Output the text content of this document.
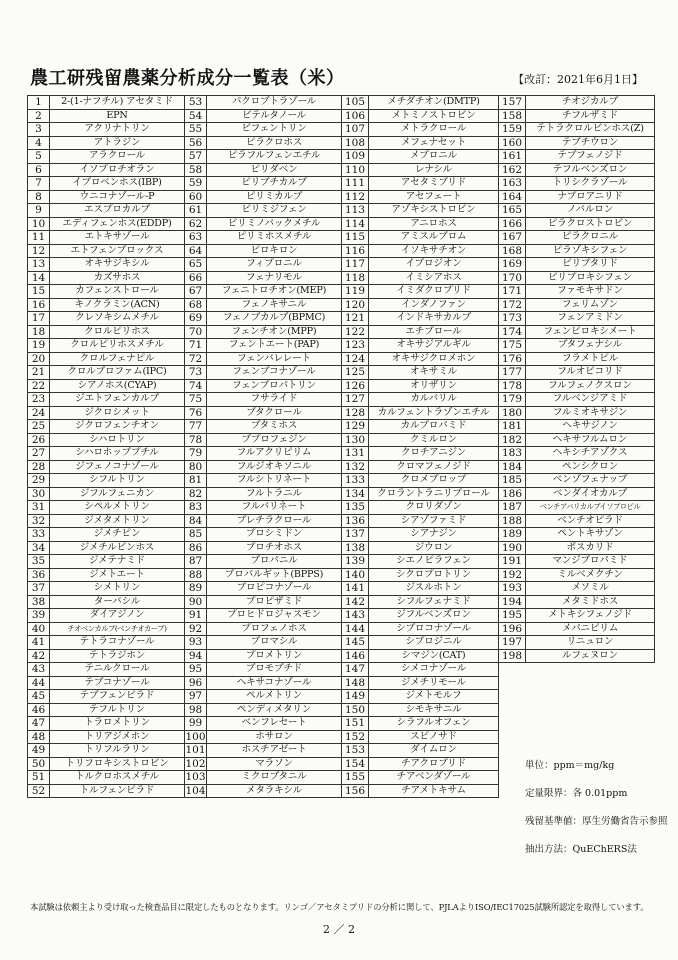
農工研残留農薬分析成分一覧表（米）	【改訂：2021年6月1日】
1	2-(1-ナフチル) アセタミド	53	パクロブトラゾール	105	メチダチオン(DMTP)	157	チオジカルブ
2	EPN	54	ビテルタノール	106	メトミノストロビン	158	チフルザミド
3	アクリナトリン	55	ビフェントリン	107	メトラクロール	159	テトラクロルビンホス(Z)
4	アトラジン	56	ピラクロホス	108	メフェナセット	160	テブチウロン
5	アラクロール	57	ピラフルフェンエチル	109	メプロニル	161	テブフェノジド
6	イソプロチオラン	58	ピリダベン	110	レナシル	162	テフルベンズロン
7	イプロベンホス(IBP)	59	ピリブチカルブ	111	アセタミプリド	163	トリシクラゾール
8	ウニコナゾール-P	60	ピリミカルブ	112	アセフェート	164	ナプロアニリド
9	エスプロカルブ	61	ピリミジフェン	113	アゾキシストロビン	165	ノバルロン
10	エディフェンホス(EDDP)	62	ピリミノバックメチル	114	アニロホス	166	ピラクロストロビン
11	エトキサゾール	63	ピリミホスメチル	115	アミスルブロム	167	ピラクロニル
12	エトフェンプロックス	64	ピロキロン	116	イソキサチオン	168	ピラゾキシフェン
13	オキサジキシル	65	フィプロニル	117	イプロジオン	169	ピリプタリド
14	カズサホス	66	フェナリモル	118	イミシアホス	170	ピリプロキシフェン
15	カフェンストロール	67	フェニトロチオン(MEP)	119	イミダクロプリド	171	ファモキサドン
16	キノクラミン(ACN)	68	フェノキサニル	120	インダノファン	172	フェリムゾン
17	クレソキシムメチル	69	フェノブカルブ(BPMC)	121	インドキサカルブ	173	フェンアミドン
18	クロルピリホス	70	フェンチオン(MPP)	122	エチプロール	174	フェンピロキシメート
19	クロルピリホスメチル	71	フェントエート(PAP)	123	オキサジアルギル	175	ブタフェナシル
20	クロルフェナピル	72	フェンバレレート	124	オキサジクロメホン	176	フラメトピル
21	クロルプロファム(IPC)	73	フェンブコナゾール	125	オキサミル	177	フルオピコリド
22	シアノホス(CYAP)	74	フェンプロパトリン	126	オリザリン	178	フルフェノクスロン
23	ジエトフェンカルブ	75	フサライド	127	カルバリル	179	フルベンジアミド
24	ジクロシメット	76	ブタクロール	128	カルフェントラゾンエチル	180	フルミオキサジン
25	ジクロフェンチオン	77	ブタミホス	129	カルプロパミド	181	ヘキサジノン
26	シハロトリン	78	ブプロフェジン	130	クミルロン	182	ヘキサフルムロン
27	シハロホッププチル	79	フルアクリピリム	131	クロチアニジン	183	ヘキシチアゾクス
28	ジフェノコナゾール	80	フルジオキソニル	132	クロマフェノジド	184	ペンシクロン
29	シフルトリン	81	フルシトリネート	133	クロメプロップ	185	ベンゾフェナップ
30	ジフルフェニカン	82	フルトラニル	134	クロラントラニリプロール	186	ベンダイオカルブ
31	シペルメトリン	83	フルバリネート	135	クロリダゾン	187	ベンチアバリカルブイソプロピル
32	ジメタメトリン	84	プレチラクロール	136	シアゾファミド	188	ベンチオピラド
33	ジメチピン	85	プロシミドン	137	シアナジン	189	ペントキサゾン
34	ジメチルビンホス	86	プロチオホス	138	ジウロン	190	ボスカリド
35	ジメテナミド	87	プロパニル	139	シエノピラフェン	191	マンジプロパミド
36	ジメトエート	88	プロパルギット(BPPS)	140	シクロプロトリン	192	ミルベメクチン
37	シメトリン	89	プロピコナゾール	141	ジスルホトン	193	メソミル
38	ターバシル	90	プロピザミド	142	シフルフェナミド	194	メタミドホス
39	ダイアジノン	91	プロヒドロジャスモン	143	ジフルベンズロン	195	メトキシフェノジド
40	チオベンカルブ(ベンチオカーブ)	92	プロフェノホス	144	シプロコナゾール	196	メパニピリム
41	テトラコナゾール	93	プロマシル	145	シプロジニル	197	リニュロン
42	テトラジホン	94	プロメトリン	146	シマジン(CAT)	198	ルフェヌロン
43	テニルクロール	95	ブロモブチド	147	シメコナゾール		
44	テブコナゾール	96	ヘキサコナゾール	148	ジメチリモール		
45	テブフェンピラド	97	ペルメトリン	149	ジメトモルフ		
46	テフルトリン	98	ペンディメタリン	150	シモキサニル		
47	トラロメトリン	99	ベンフレセート	151	シラフルオフェン		
48	トリアジメホン	100	ホサロン	152	スピノサド		
49	トリフルラリン	101	ホスチアゼート	153	ダイムロン		
50	トリフロキシストロビン	102	マラソン	154	チアクロプリド		
51	トルクロホスメチル	103	ミクロブタニル	155	チアベンダゾール		
52	トルフェンピラド	104	メタラキシル	156	チアメトキサム		
単位：ppm＝mg/kg
定量限界：各 0.01ppm
残留基準値：厚生労働省告示参照
抽出方法：QuEChERS法
本試験は依頼主より受け取った検査品目に限定したものとなります。リンゴ／アセタミプリドの分析に関して、PJLAよりISO/IEC17025試験所認定を取得しています。
2 ／ 2
